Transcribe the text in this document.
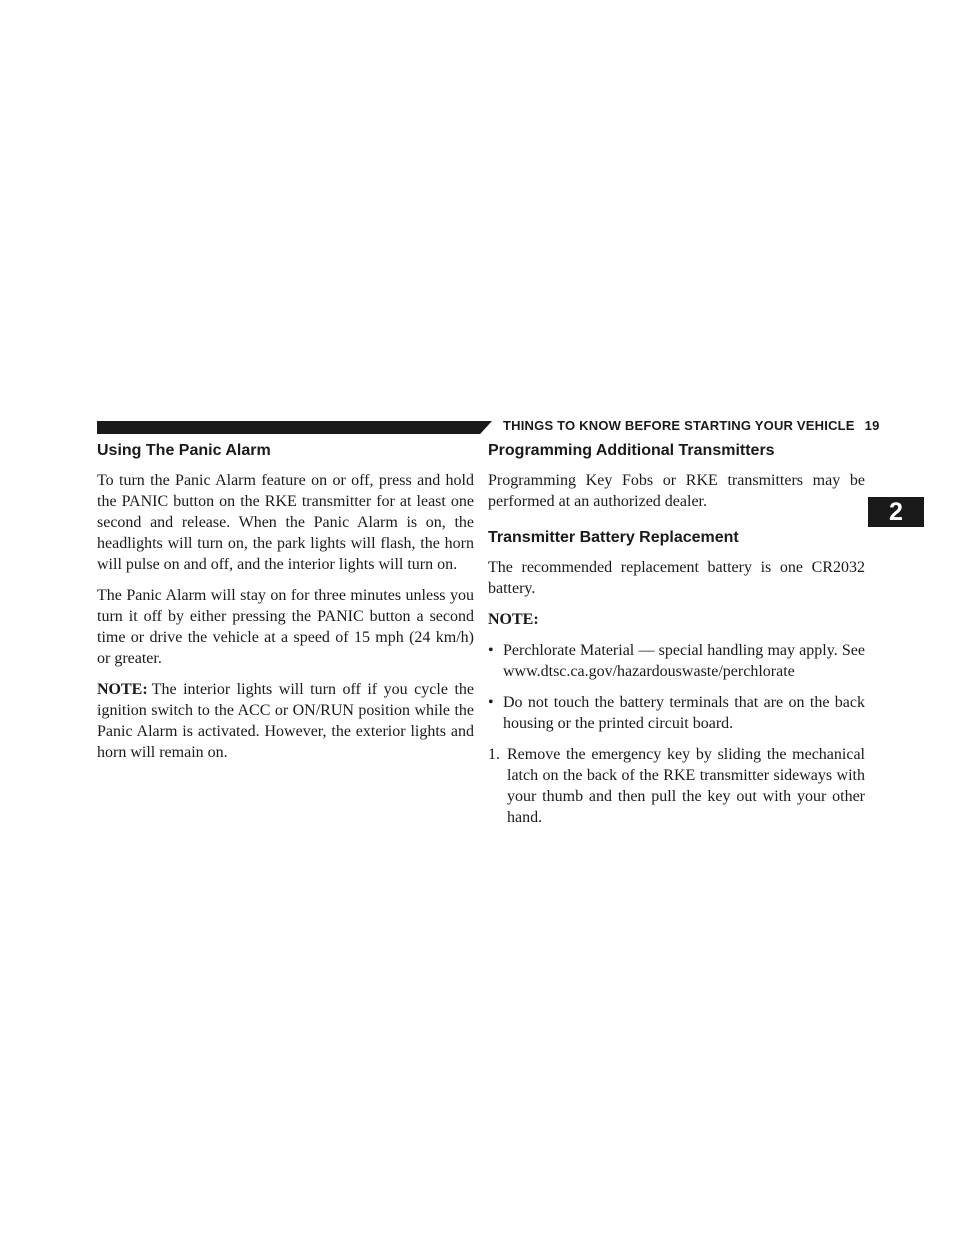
THINGS TO KNOW BEFORE STARTING YOUR VEHICLE 19
2
Using The Panic Alarm

To turn the Panic Alarm feature on or off, press and hold the PANIC button on the RKE transmitter for at least one second and release. When the Panic Alarm is on, the headlights will turn on, the park lights will flash, the horn will pulse on and off, and the interior lights will turn on.

The Panic Alarm will stay on for three minutes unless you turn it off by either pressing the PANIC button a second time or drive the vehicle at a speed of 15 mph (24 km/h) or greater.

NOTE: The interior lights will turn off if you cycle the ignition switch to the ACC or ON/RUN position while the Panic Alarm is activated. However, the exterior lights and horn will remain on.

Programming Additional Transmitters

Programming Key Fobs or RKE transmitters may be performed at an authorized dealer.

Transmitter Battery Replacement

The recommended replacement battery is one CR2032 battery.

NOTE:

• Perchlorate Material — special handling may apply. See www.dtsc.ca.gov/hazardouswaste/perchlorate
• Do not touch the battery terminals that are on the back housing or the printed circuit board.
1. Remove the emergency key by sliding the mechanical latch on the back of the RKE transmitter sideways with your thumb and then pull the key out with your other hand.
